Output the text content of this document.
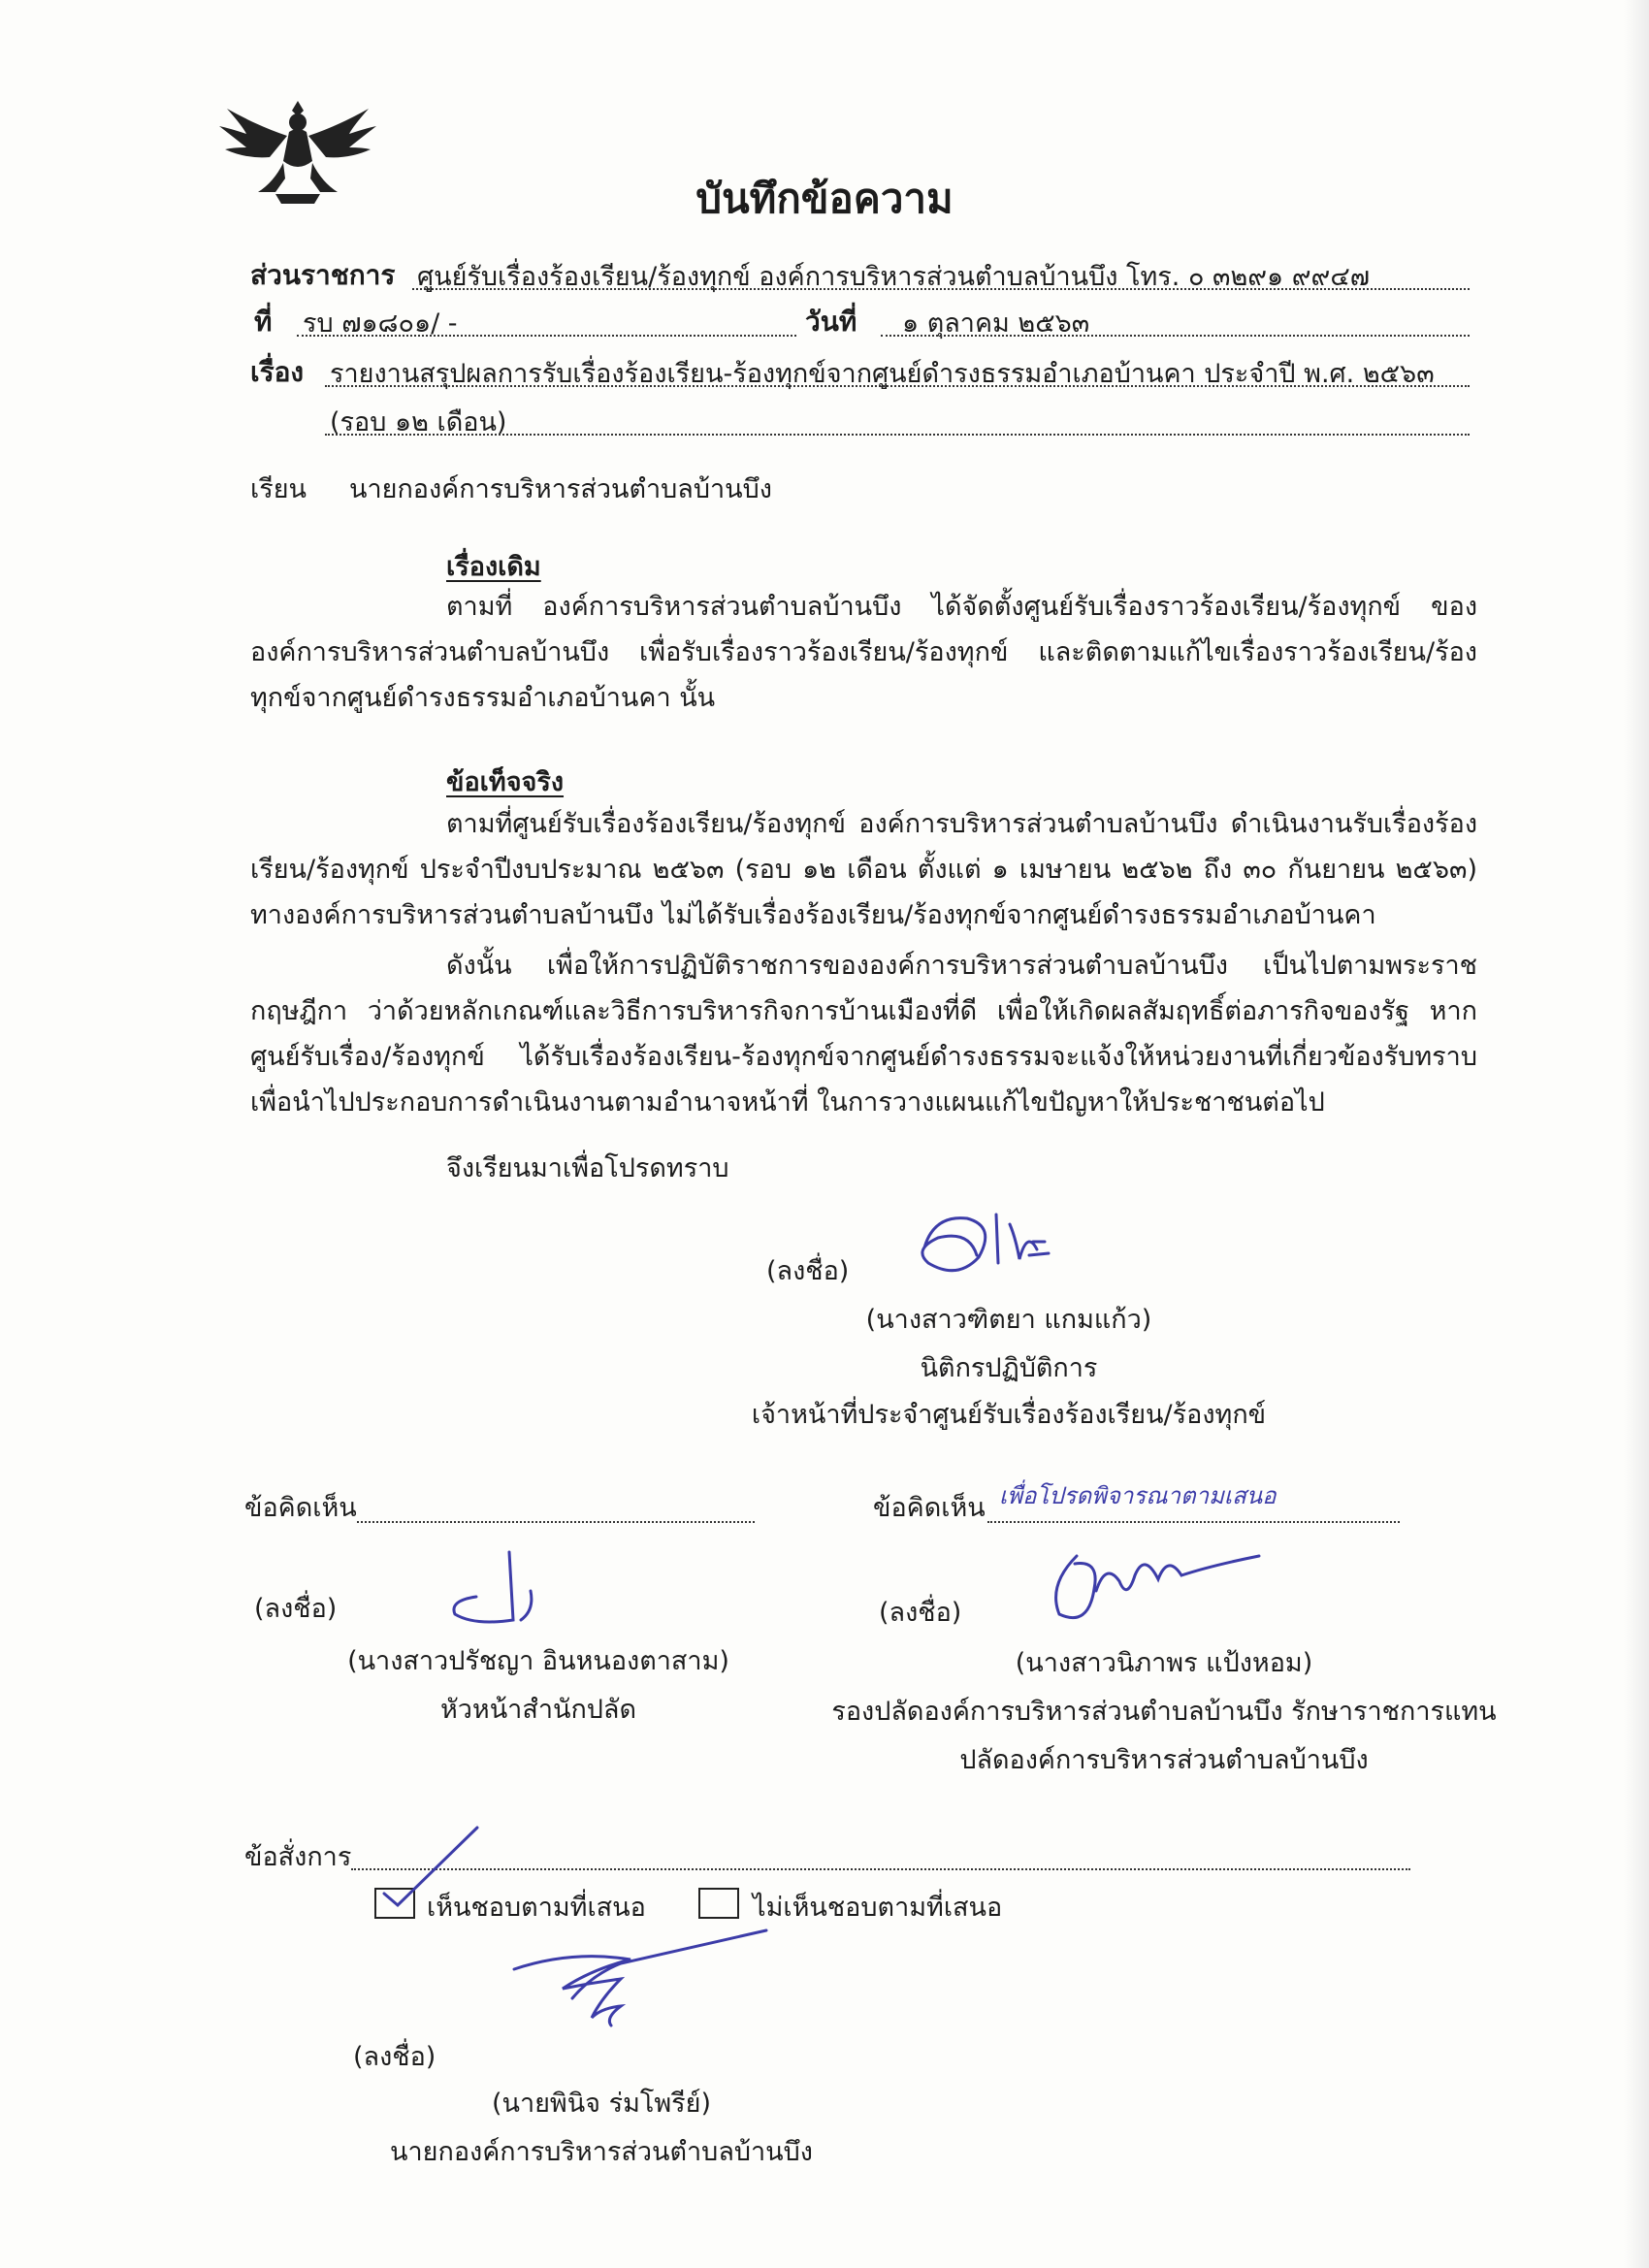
บันทึกข้อความ
ส่วนราชการ ศูนย์รับเรื่องร้องเรียน/ร้องทุกข์ องค์การบริหารส่วนตำบลบ้านบึง โทร. ๐ ๓๒๙๑ ๙๙๔๗
ที่ รบ ๗๑๘๐๑/ -	วันที่ ๑ ตุลาคม ๒๕๖๓
เรื่อง รายงานสรุปผลการรับเรื่องร้องเรียน-ร้องทุกข์จากศูนย์ดำรงธรรมอำเภอบ้านคา ประจำปี พ.ศ. ๒๕๖๓
(รอบ ๑๒ เดือน)
เรียน นายกองค์การบริหารส่วนตำบลบ้านบึง
เรื่องเดิม
ตามที่ องค์การบริหารส่วนตำบลบ้านบึง ได้จัดตั้งศูนย์รับเรื่องราวร้องเรียน/ร้องทุกข์ ขององค์การบริหารส่วนตำบลบ้านบึง เพื่อรับเรื่องราวร้องเรียน/ร้องทุกข์ และติดตามแก้ไขเรื่องราวร้องเรียน/ร้องทุกข์จากศูนย์ดำรงธรรมอำเภอบ้านคา นั้น
ข้อเท็จจริง
ตามที่ศูนย์รับเรื่องร้องเรียน/ร้องทุกข์ องค์การบริหารส่วนตำบลบ้านบึง ดำเนินงานรับเรื่องร้องเรียน/ร้องทุกข์ ประจำปีงบประมาณ ๒๕๖๓ (รอบ ๑๒ เดือน ตั้งแต่ ๑ เมษายน ๒๕๖๒ ถึง ๓๐ กันยายน ๒๕๖๓) ทางองค์การบริหารส่วนตำบลบ้านบึง ไม่ได้รับเรื่องร้องเรียน/ร้องทุกข์จากศูนย์ดำรงธรรมอำเภอบ้านคา
ดังนั้น เพื่อให้การปฏิบัติราชการขององค์การบริหารส่วนตำบลบ้านบึง เป็นไปตามพระราชกฤษฎีกา ว่าด้วยหลักเกณฑ์และวิธีการบริหารกิจการบ้านเมืองที่ดี เพื่อให้เกิดผลสัมฤทธิ์ต่อภารกิจของรัฐ หากศูนย์รับเรื่อง/ร้องทุกข์ ได้รับเรื่องร้องเรียน-ร้องทุกข์จากศูนย์ดำรงธรรมจะแจ้งให้หน่วยงานที่เกี่ยวข้องรับทราบ เพื่อนำไปประกอบการดำเนินงานตามอำนาจหน้าที่ ในการวางแผนแก้ไขปัญหาให้ประชาชนต่อไป
จึงเรียนมาเพื่อโปรดทราบ
(ลงชื่อ)
(นางสาวฑิตยา แกมแก้ว)
นิติกรปฏิบัติการ
เจ้าหน้าที่ประจำศูนย์รับเรื่องร้องเรียน/ร้องทุกข์
ข้อคิดเห็น
(ลงชื่อ)
(นางสาวปรัชญา อินหนองตาสาม)
หัวหน้าสำนักปลัด
ข้อคิดเห็น เพื่อโปรดพิจารณาตามเสนอ
(ลงชื่อ)
(นางสาวนิภาพร แป้งหอม)
รองปลัดองค์การบริหารส่วนตำบลบ้านบึง รักษาราชการแทน
ปลัดองค์การบริหารส่วนตำบลบ้านบึง
ข้อสั่งการ
เห็นชอบตามที่เสนอ	ไม่เห็นชอบตามที่เสนอ
(ลงชื่อ)
(นายพินิจ ร่มโพรีย์)
นายกองค์การบริหารส่วนตำบลบ้านบึง
